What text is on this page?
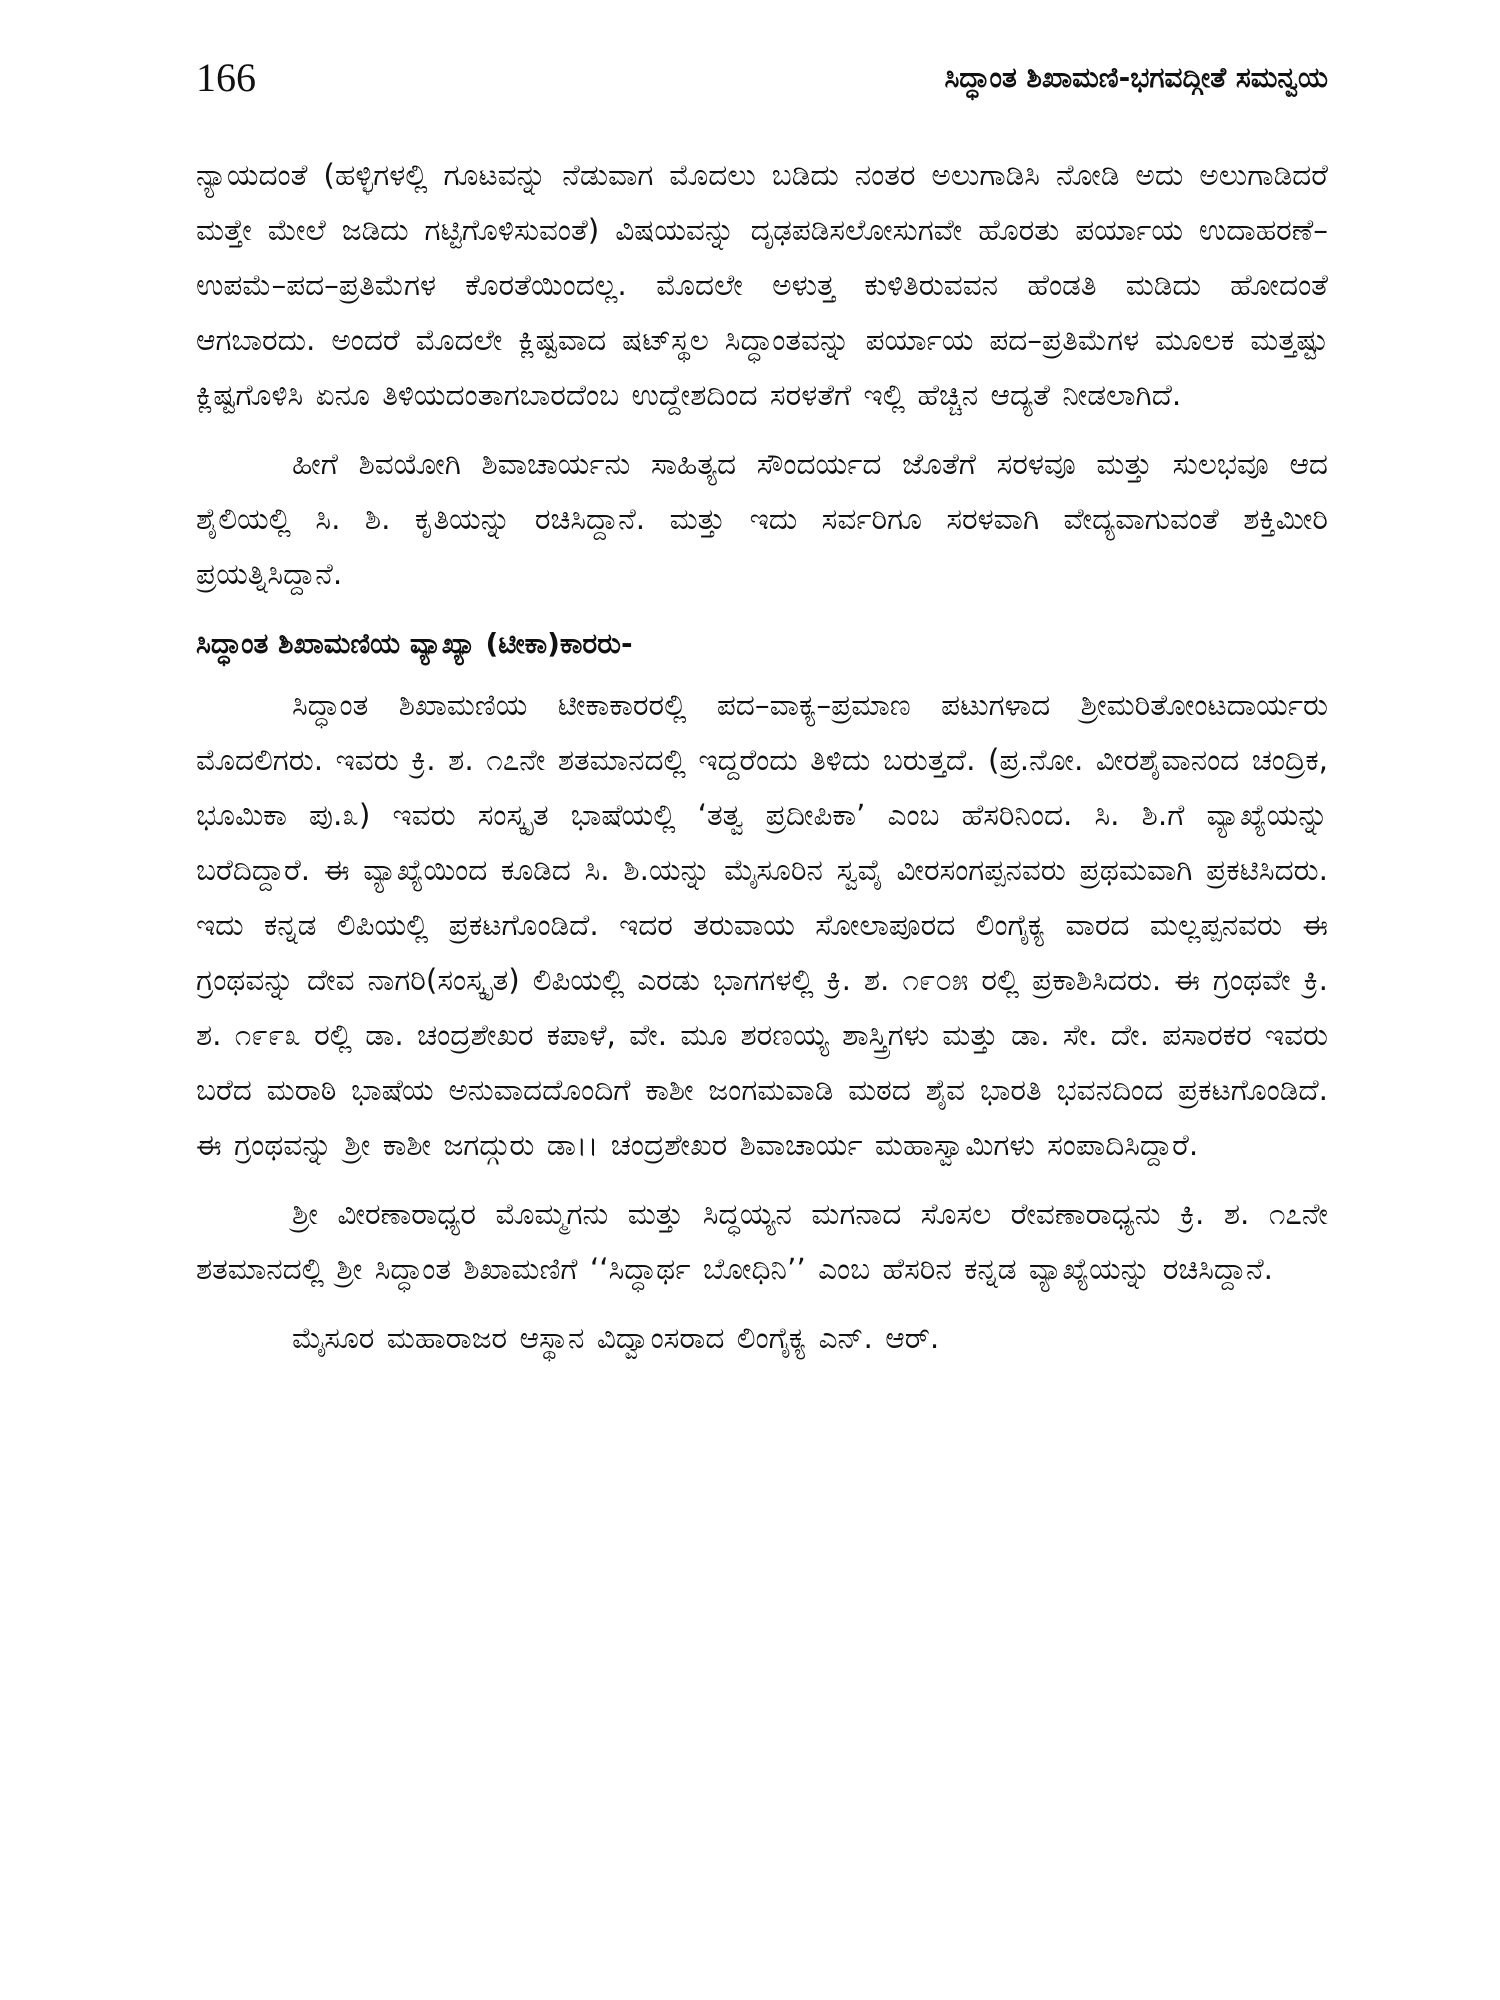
166	ಸಿದ್ಧಾಂತ ಶಿಖಾಮಣಿ-ಭಗವದ್ಗೀತೆ ಸಮನ್ವಯ

ನ್ಯಾಯದಂತೆ (ಹಳ್ಳಿಗಳಲ್ಲಿ ಗೂಟವನ್ನು ನೆಡುವಾಗ ಮೊದಲು ಬಡಿದು ನಂತರ ಅಲುಗಾಡಿಸಿ ನೋಡಿ ಅದು ಅಲುಗಾಡಿದರೆ ಮತ್ತೇ ಮೇಲೆ ಜಡಿದು ಗಟ್ಟಿಗೊಳಿಸುವಂತೆ) ವಿಷಯವನ್ನು ದೃಢಪಡಿಸಲೋಸುಗವೇ ಹೊರತು ಪರ್ಯಾಯ ಉದಾಹರಣೆ–ಉಪಮೆ–ಪದ–ಪ್ರತಿಮೆಗಳ ಕೊರತೆಯಿಂದಲ್ಲ. ಮೊದಲೇ ಅಳುತ್ತ ಕುಳಿತಿರುವವನ ಹೆಂಡತಿ ಮಡಿದು ಹೋದಂತೆ ಆಗಬಾರದು. ಅಂದರೆ ಮೊದಲೇ ಕ್ಲಿಷ್ಟವಾದ ಷಟ್‌ಸ್ಥಲ ಸಿದ್ಧಾಂತವನ್ನು ಪರ್ಯಾಯ ಪದ–ಪ್ರತಿಮೆಗಳ ಮೂಲಕ ಮತ್ತಷ್ಟು ಕ್ಲಿಷ್ಟಗೊಳಿಸಿ ಏನೂ ತಿಳಿಯದಂತಾಗಬಾರದೆಂಬ ಉದ್ದೇಶದಿಂದ ಸರಳತೆಗೆ ಇಲ್ಲಿ ಹೆಚ್ಚಿನ ಆದ್ಯತೆ ನೀಡಲಾಗಿದೆ.

ಹೀಗೆ ಶಿವಯೋಗಿ ಶಿವಾಚಾರ್ಯನು ಸಾಹಿತ್ಯದ ಸೌಂದರ್ಯದ ಜೊತೆಗೆ ಸರಳವೂ ಮತ್ತು ಸುಲಭವೂ ಆದ ಶೈಲಿಯಲ್ಲಿ ಸಿ. ಶಿ. ಕೃತಿಯನ್ನು ರಚಿಸಿದ್ದಾನೆ. ಮತ್ತು ಇದು ಸರ್ವರಿಗೂ ಸರಳವಾಗಿ ವೇದ್ಯವಾಗುವಂತೆ ಶಕ್ತಿಮೀರಿ ಪ್ರಯತ್ನಿಸಿದ್ದಾನೆ.

ಸಿದ್ಧಾಂತ ಶಿಖಾಮಣಿಯ ವ್ಯಾಖ್ಯಾ (ಟೀಕಾ)ಕಾರರು-

ಸಿದ್ಧಾಂತ ಶಿಖಾಮಣಿಯ ಟೀಕಾಕಾರರಲ್ಲಿ ಪದ–ವಾಕ್ಯ–ಪ್ರಮಾಣ ಪಟುಗಳಾದ ಶ್ರೀಮರಿತೋಂಟದಾರ್ಯರು ಮೊದಲಿಗರು. ಇವರು ಕ್ರಿ. ಶ. ೧೭ನೇ ಶತಮಾನದಲ್ಲಿ ಇದ್ದರೆಂದು ತಿಳಿದು ಬರುತ್ತದೆ. (ಪ್ರ.ನೋ. ವೀರಶೈವಾನಂದ ಚಂದ್ರಿಕ, ಭೂಮಿಕಾ ಪು.೩) ಇವರು ಸಂಸ್ಕೃತ ಭಾಷೆಯಲ್ಲಿ ‘ತತ್ವ ಪ್ರದೀಪಿಕಾ’ ಎಂಬ ಹೆಸರಿನಿಂದ. ಸಿ. ಶಿ.ಗೆ ವ್ಯಾಖ್ಯೆಯನ್ನು ಬರೆದಿದ್ದಾರೆ. ಈ ವ್ಯಾಖ್ಯೆಯಿಂದ ಕೂಡಿದ ಸಿ. ಶಿ.ಯನ್ನು ಮೈಸೂರಿನ ಸ್ವವೈ ವೀರಸಂಗಪ್ಪನವರು ಪ್ರಥಮವಾಗಿ ಪ್ರಕಟಿಸಿದರು. ಇದು ಕನ್ನಡ ಲಿಪಿಯಲ್ಲಿ ಪ್ರಕಟಗೊಂಡಿದೆ. ಇದರ ತರುವಾಯ ಸೋಲಾಪೂರದ ಲಿಂಗೈಕ್ಯ ವಾರದ ಮಲ್ಲಪ್ಪನವರು ಈ ಗ್ರಂಥವನ್ನು ದೇವ ನಾಗರಿ(ಸಂಸ್ಕೃತ) ಲಿಪಿಯಲ್ಲಿ ಎರಡು ಭಾಗಗಳಲ್ಲಿ ಕ್ರಿ. ಶ. ೧೯೦೫ ರಲ್ಲಿ ಪ್ರಕಾಶಿಸಿದರು. ಈ ಗ್ರಂಥವೇ ಕ್ರಿ. ಶ. ೧೯೯೩ ರಲ್ಲಿ ಡಾ. ಚಂದ್ರಶೇಖರ ಕಪಾಳೆ, ವೇ. ಮೂ ಶರಣಯ್ಯ ಶಾಸ್ತ್ರಿಗಳು ಮತ್ತು ಡಾ. ಸೇ. ದೇ. ಪಸಾರಕರ ಇವರು ಬರೆದ ಮರಾಠಿ ಭಾಷೆಯ ಅನುವಾದದೊಂದಿಗೆ ಕಾಶೀ ಜಂಗಮವಾಡಿ ಮಠದ ಶೈವ ಭಾರತಿ ಭವನದಿಂದ ಪ್ರಕಟಗೊಂಡಿದೆ. ಈ ಗ್ರಂಥವನ್ನು ಶ್ರೀ ಕಾಶೀ ಜಗದ್ಗುರು ಡಾ।। ಚಂದ್ರಶೇಖರ ಶಿವಾಚಾರ್ಯ ಮಹಾಸ್ವಾಮಿಗಳು ಸಂಪಾದಿಸಿದ್ದಾರೆ.

ಶ್ರೀ ವೀರಣಾರಾಧ್ಯರ ಮೊಮ್ಮಗನು ಮತ್ತು ಸಿದ್ಧಯ್ಯನ ಮಗನಾದ ಸೊಸಲ ರೇವಣಾರಾಧ್ಯನು ಕ್ರಿ. ಶ. ೧೭ನೇ ಶತಮಾನದಲ್ಲಿ ಶ್ರೀ ಸಿದ್ಧಾಂತ ಶಿಖಾಮಣಿಗೆ ‘‘ಸಿದ್ಧಾರ್ಥ ಬೋಧಿನಿ’’ ಎಂಬ ಹೆಸರಿನ ಕನ್ನಡ ವ್ಯಾಖ್ಯೆಯನ್ನು ರಚಿಸಿದ್ದಾನೆ.

ಮೈಸೂರ ಮಹಾರಾಜರ ಆಸ್ಥಾನ ವಿದ್ವಾಂಸರಾದ ಲಿಂಗೈಕ್ಯ ಎನ್. ಆರ್.
